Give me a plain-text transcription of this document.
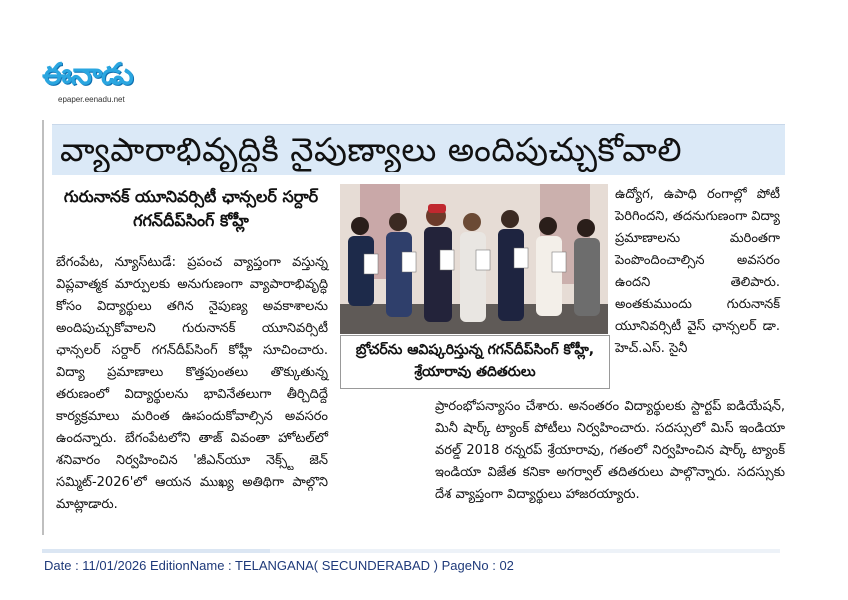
ఈనాడు
epaper.eenadu.net
వ్యాపారాభివృద్ధికి నైపుణ్యాలు అందిపుచ్చుకోవాలి
గురునానక్ యూనివర్సిటీ ఛాన్సలర్ సర్దార్ గగన్‌దీప్‌సింగ్ కోహ్లీ
బేగంపేట, న్యూస్‌టుడే: ప్రపంచ వ్యాప్తంగా వస్తున్న విప్లవాత్మక మార్పులకు అనుగుణంగా వ్యాపారాభివృద్ధి కోసం విద్యార్థులు తగిన నైపుణ్య అవకాశాలను అందిపుచ్చుకోవాలని గురునానక్ యూనివర్సిటీ ఛాన్సలర్ సర్దార్ గగన్‌దీప్‌సింగ్ కోహ్లీ సూచించారు. విద్యా ప్రమాణాలు కొత్తపుంతలు తొక్కుతున్న తరుణంలో విద్యార్థులను భావినేతలుగా తీర్చిదిద్దే కార్యక్రమాలు మరింత ఊపందుకోవాల్సిన అవసరం ఉందన్నారు. బేగంపేటలోని తాజ్ వివంతా హోటల్‌లో శనివారం నిర్వహించిన 'జీఎన్‌యూ నెక్స్ట్ జెన్ సమ్మిట్-2026'లో ఆయన ముఖ్య అతిథిగా పాల్గొని మాట్లాడారు.
బ్రోచర్‌ను ఆవిష్కరిస్తున్న గగన్‌దీప్‌సింగ్ కోహ్లీ, శ్రేయారావు తదితరులు
ఉద్యోగ, ఉపాధి రంగాల్లో పోటీ పెరిగిందని, తదనుగుణంగా విద్యా ప్రమాణాలను మరింతగా పెంపొందించాల్సిన అవసరం ఉందని తెలిపారు. అంతకుముందు గురునానక్ యూనివర్సిటీ వైస్ ఛాన్సలర్ డా. హెచ్.ఎస్. సైనీ
ప్రారంభోపన్యాసం చేశారు. అనంతరం విద్యార్థులకు స్టార్టప్ ఐడియేషన్, మినీ షార్క్ ట్యాంక్ పోటీలు నిర్వహించారు. సదస్సులో మిస్ ఇండియా వరల్డ్ 2018 రన్నరప్ శ్రేయారావు, గతంలో నిర్వహించిన షార్క్ ట్యాంక్ ఇండియా విజేత కనికా అగర్వాల్ తదితరులు పాల్గొన్నారు. సదస్సుకు దేశ వ్యాప్తంగా విద్యార్థులు హాజరయ్యారు.
Date : 11/01/2026 EditionName : TELANGANA( SECUNDERABAD ) PageNo : 02
